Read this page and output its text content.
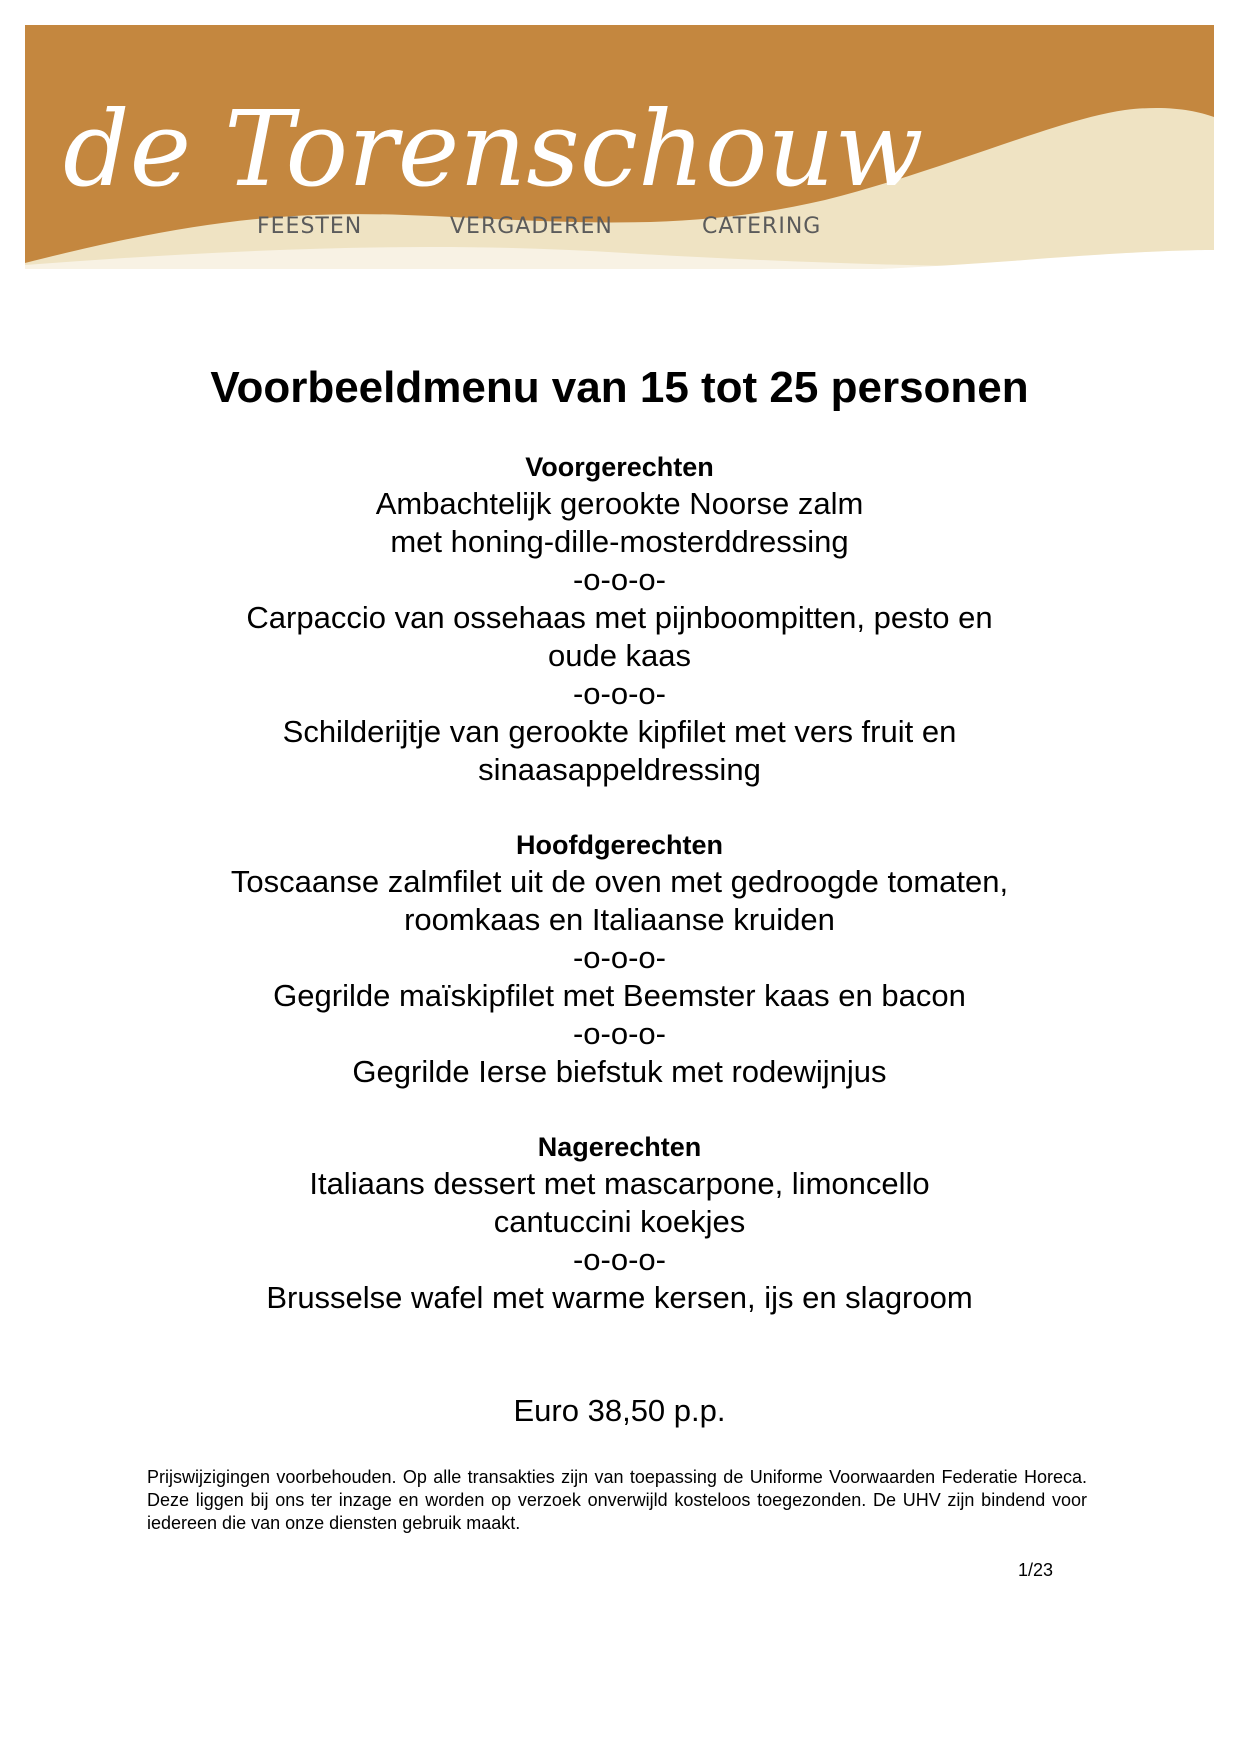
de Torenschouw
FEESTEN	VERGADEREN	CATERING
Voorbeeldmenu van 15 tot 25 personen

Voorgerechten

Ambachtelijk gerookte Noorse zalm

met honing-dille-mosterddressing

-o-o-o-

Carpaccio van ossehaas met pijnboompitten, pesto en

oude kaas

-o-o-o-

Schilderijtje van gerookte kipfilet met vers fruit en

sinaasappeldressing

Hoofdgerechten

Toscaanse zalmfilet uit de oven met gedroogde tomaten,

roomkaas en Italiaanse kruiden

-o-o-o-

Gegrilde maïskipfilet met Beemster kaas en bacon

-o-o-o-

Gegrilde Ierse biefstuk met rodewijnjus

Nagerechten

Italiaans dessert met mascarpone, limoncello

cantuccini koekjes

-o-o-o-

Brusselse wafel met warme kersen, ijs en slagroom

Euro 38,50 p.p.

Prijswijzigingen voorbehouden. Op alle transakties zijn van toepassing de Uniforme Voorwaarden Federatie Horeca. Deze liggen bij ons ter inzage en worden op verzoek onverwijld kosteloos toegezonden. De UHV zijn bindend voor iedereen die van onze diensten gebruik maakt.

1/23
